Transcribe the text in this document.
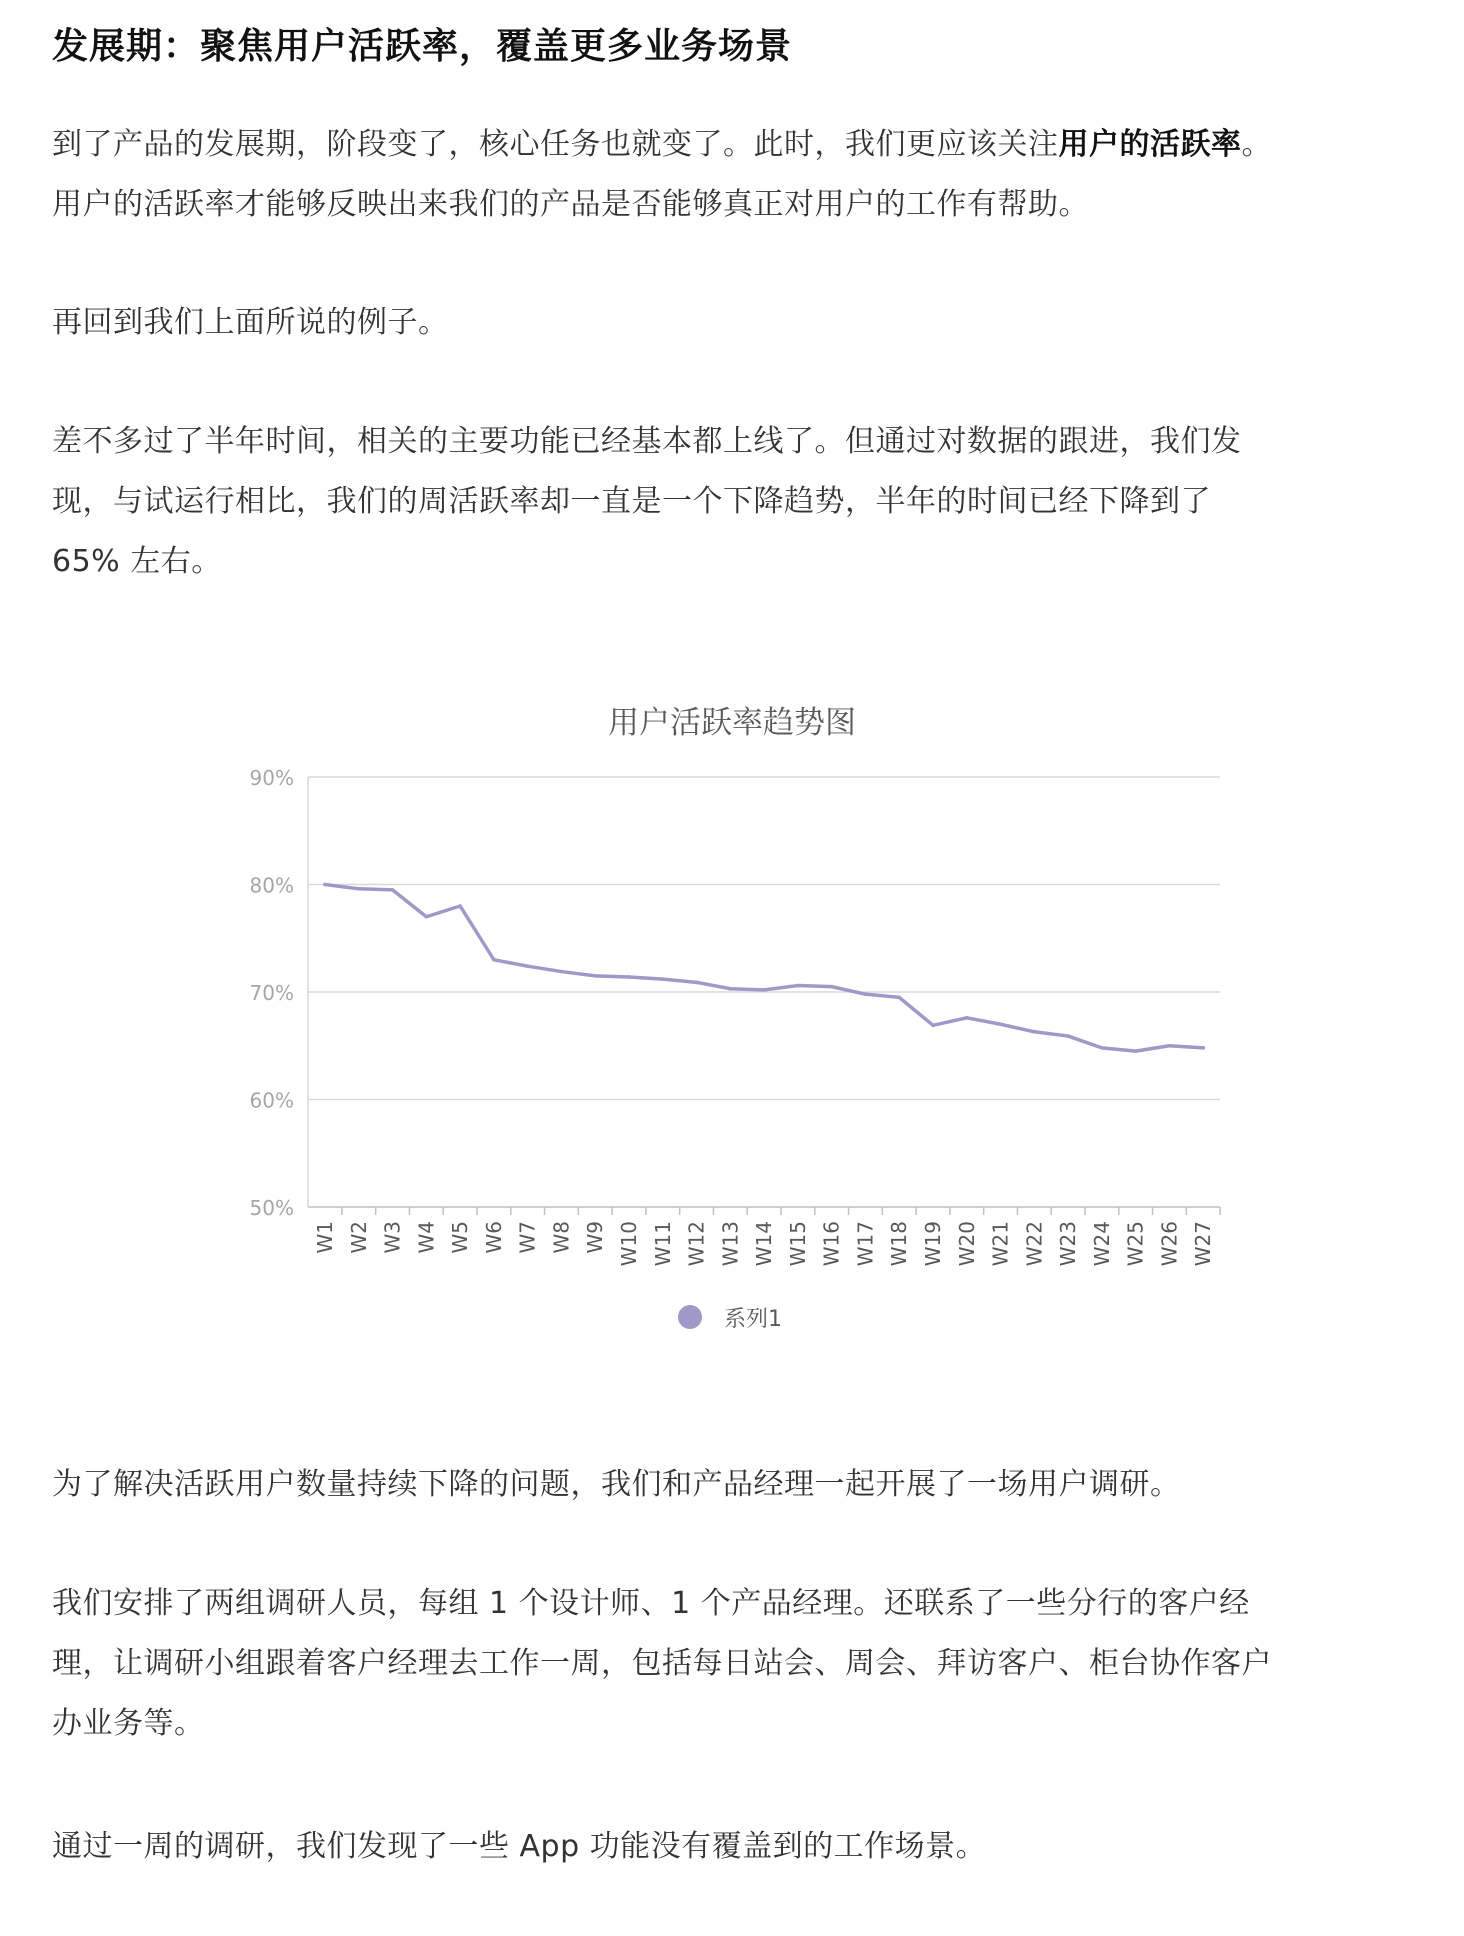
发展期：聚焦用户活跃率，覆盖更多业务场景

到了产品的发展期，阶段变了，核心任务也就变了。此时，我们更应该关注用户的活跃率。
用户的活跃率才能够反映出来我们的产品是否能够真正对用户的工作有帮助。

再回到我们上面所说的例子。

差不多过了半年时间，相关的主要功能已经基本都上线了。但通过对数据的跟进，我们发
现，与试运行相比，我们的周活跃率却一直是一个下降趋势，半年的时间已经下降到了
65% 左右。

用户活跃率趋势图
50%
60%
70%
80%
90%
W1 W2 W3 W4 W5 W6 W7 W8 W9 W10 W11 W12 W13 W14 W15 W16 W17 W18 W19 W20 W21 W22 W23 W24 W25 W26 W27
系列1

为了解决活跃用户数量持续下降的问题，我们和产品经理一起开展了一场用户调研。

我们安排了两组调研人员，每组 1 个设计师、1 个产品经理。还联系了一些分行的客户经
理，让调研小组跟着客户经理去工作一周，包括每日站会、周会、拜访客户、柜台协作客户
办业务等。

通过一周的调研，我们发现了一些 App 功能没有覆盖到的工作场景。
